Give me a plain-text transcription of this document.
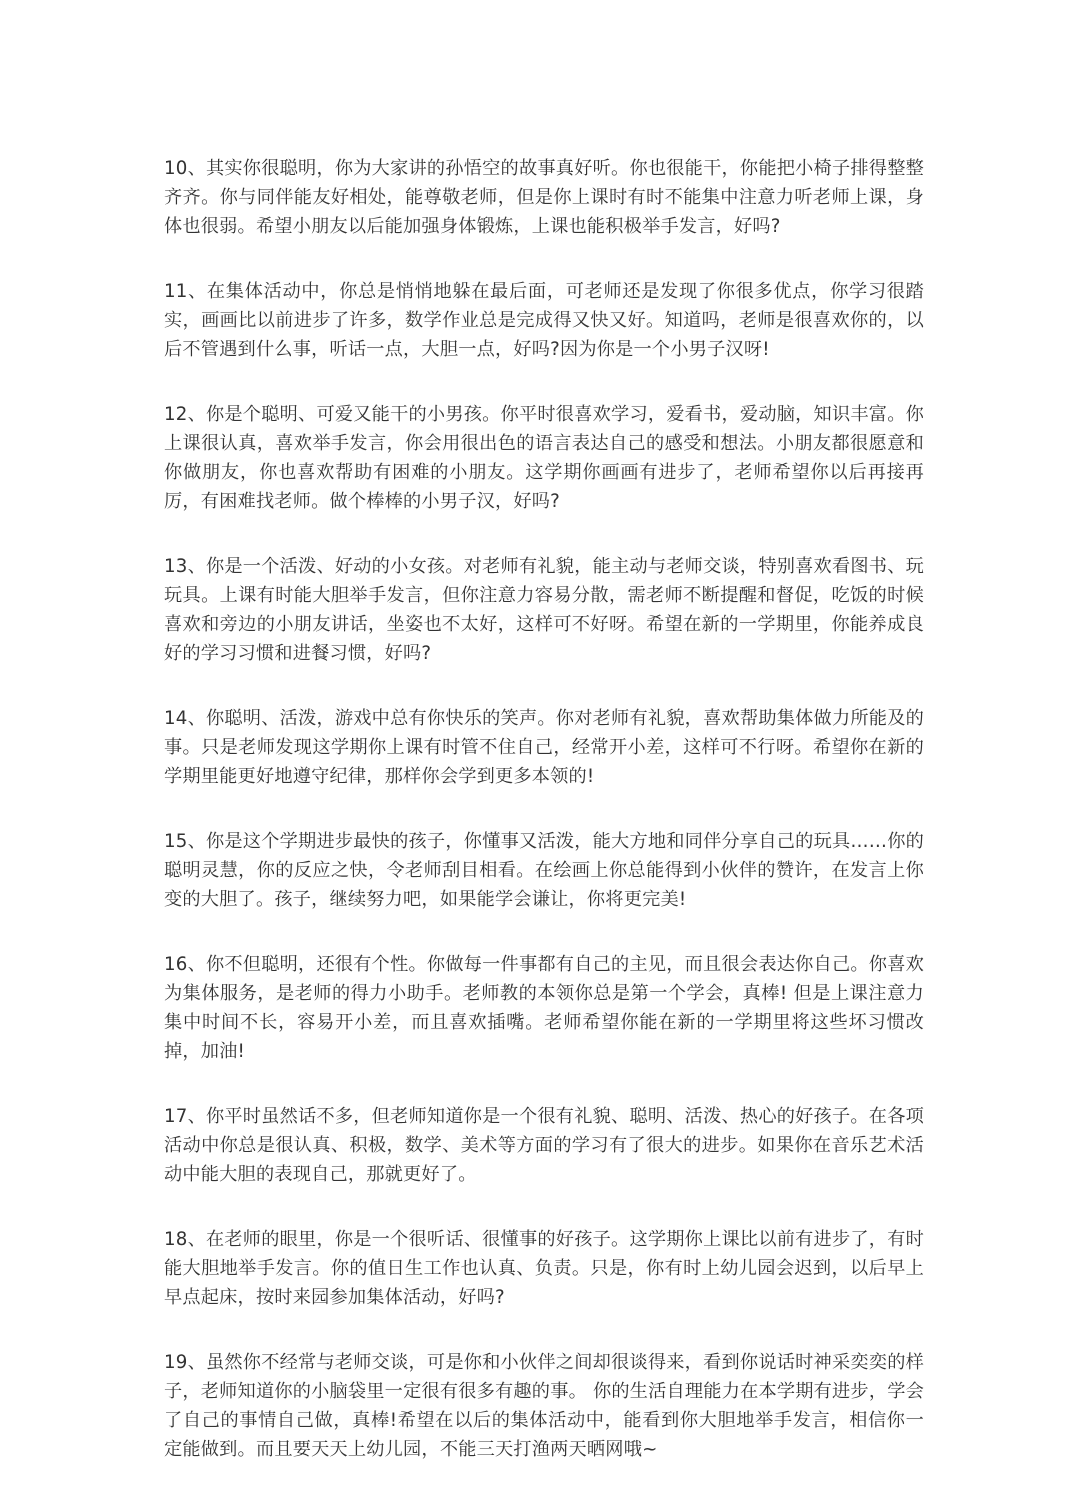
10、其实你很聪明，你为大家讲的孙悟空的故事真好听。你也很能干，你能把小椅子排得整整齐齐。你与同伴能友好相处，能尊敬老师，但是你上课时有时不能集中注意力听老师上课，身体也很弱。希望小朋友以后能加强身体锻炼，上课也能积极举手发言，好吗?

11、在集体活动中，你总是悄悄地躲在最后面，可老师还是发现了你很多优点，你学习很踏实，画画比以前进步了许多，数学作业总是完成得又快又好。知道吗，老师是很喜欢你的，以后不管遇到什么事，听话一点，大胆一点，好吗?因为你是一个小男子汉呀!

12、你是个聪明、可爱又能干的小男孩。你平时很喜欢学习，爱看书，爱动脑，知识丰富。你上课很认真，喜欢举手发言，你会用很出色的语言表达自己的感受和想法。小朋友都很愿意和你做朋友，你也喜欢帮助有困难的小朋友。这学期你画画有进步了，老师希望你以后再接再厉，有困难找老师。做个棒棒的小男子汉，好吗?

13、你是一个活泼、好动的小女孩。对老师有礼貌，能主动与老师交谈，特别喜欢看图书、玩玩具。上课有时能大胆举手发言，但你注意力容易分散，需老师不断提醒和督促，吃饭的时候喜欢和旁边的小朋友讲话，坐姿也不太好，这样可不好呀。希望在新的一学期里，你能养成良好的学习习惯和进餐习惯，好吗?

14、你聪明、活泼，游戏中总有你快乐的笑声。你对老师有礼貌，喜欢帮助集体做力所能及的事。只是老师发现这学期你上课有时管不住自己，经常开小差，这样可不行呀。希望你在新的学期里能更好地遵守纪律，那样你会学到更多本领的!

15、你是这个学期进步最快的孩子，你懂事又活泼，能大方地和同伴分享自己的玩具……你的聪明灵慧，你的反应之快，令老师刮目相看。在绘画上你总能得到小伙伴的赞许，在发言上你变的大胆了。孩子，继续努力吧，如果能学会谦让，你将更完美!

16、你不但聪明，还很有个性。你做每一件事都有自己的主见，而且很会表达你自己。你喜欢为集体服务，是老师的得力小助手。老师教的本领你总是第一个学会，真棒! 但是上课注意力集中时间不长，容易开小差，而且喜欢插嘴。老师希望你能在新的一学期里将这些坏习惯改掉，加油!

17、你平时虽然话不多，但老师知道你是一个很有礼貌、聪明、活泼、热心的好孩子。在各项活动中你总是很认真、积极，数学、美术等方面的学习有了很大的进步。如果你在音乐艺术活动中能大胆的表现自己，那就更好了。

18、在老师的眼里，你是一个很听话、很懂事的好孩子。这学期你上课比以前有进步了，有时能大胆地举手发言。你的值日生工作也认真、负责。只是，你有时上幼儿园会迟到，以后早上早点起床，按时来园参加集体活动，好吗?

19、虽然你不经常与老师交谈，可是你和小伙伴之间却很谈得来，看到你说话时神采奕奕的样子，老师知道你的小脑袋里一定很有很多有趣的事。 你的生活自理能力在本学期有进步，学会了自己的事情自己做，真棒!希望在以后的集体活动中，能看到你大胆地举手发言，相信你一定能做到。而且要天天上幼儿园，不能三天打渔两天晒网哦~
